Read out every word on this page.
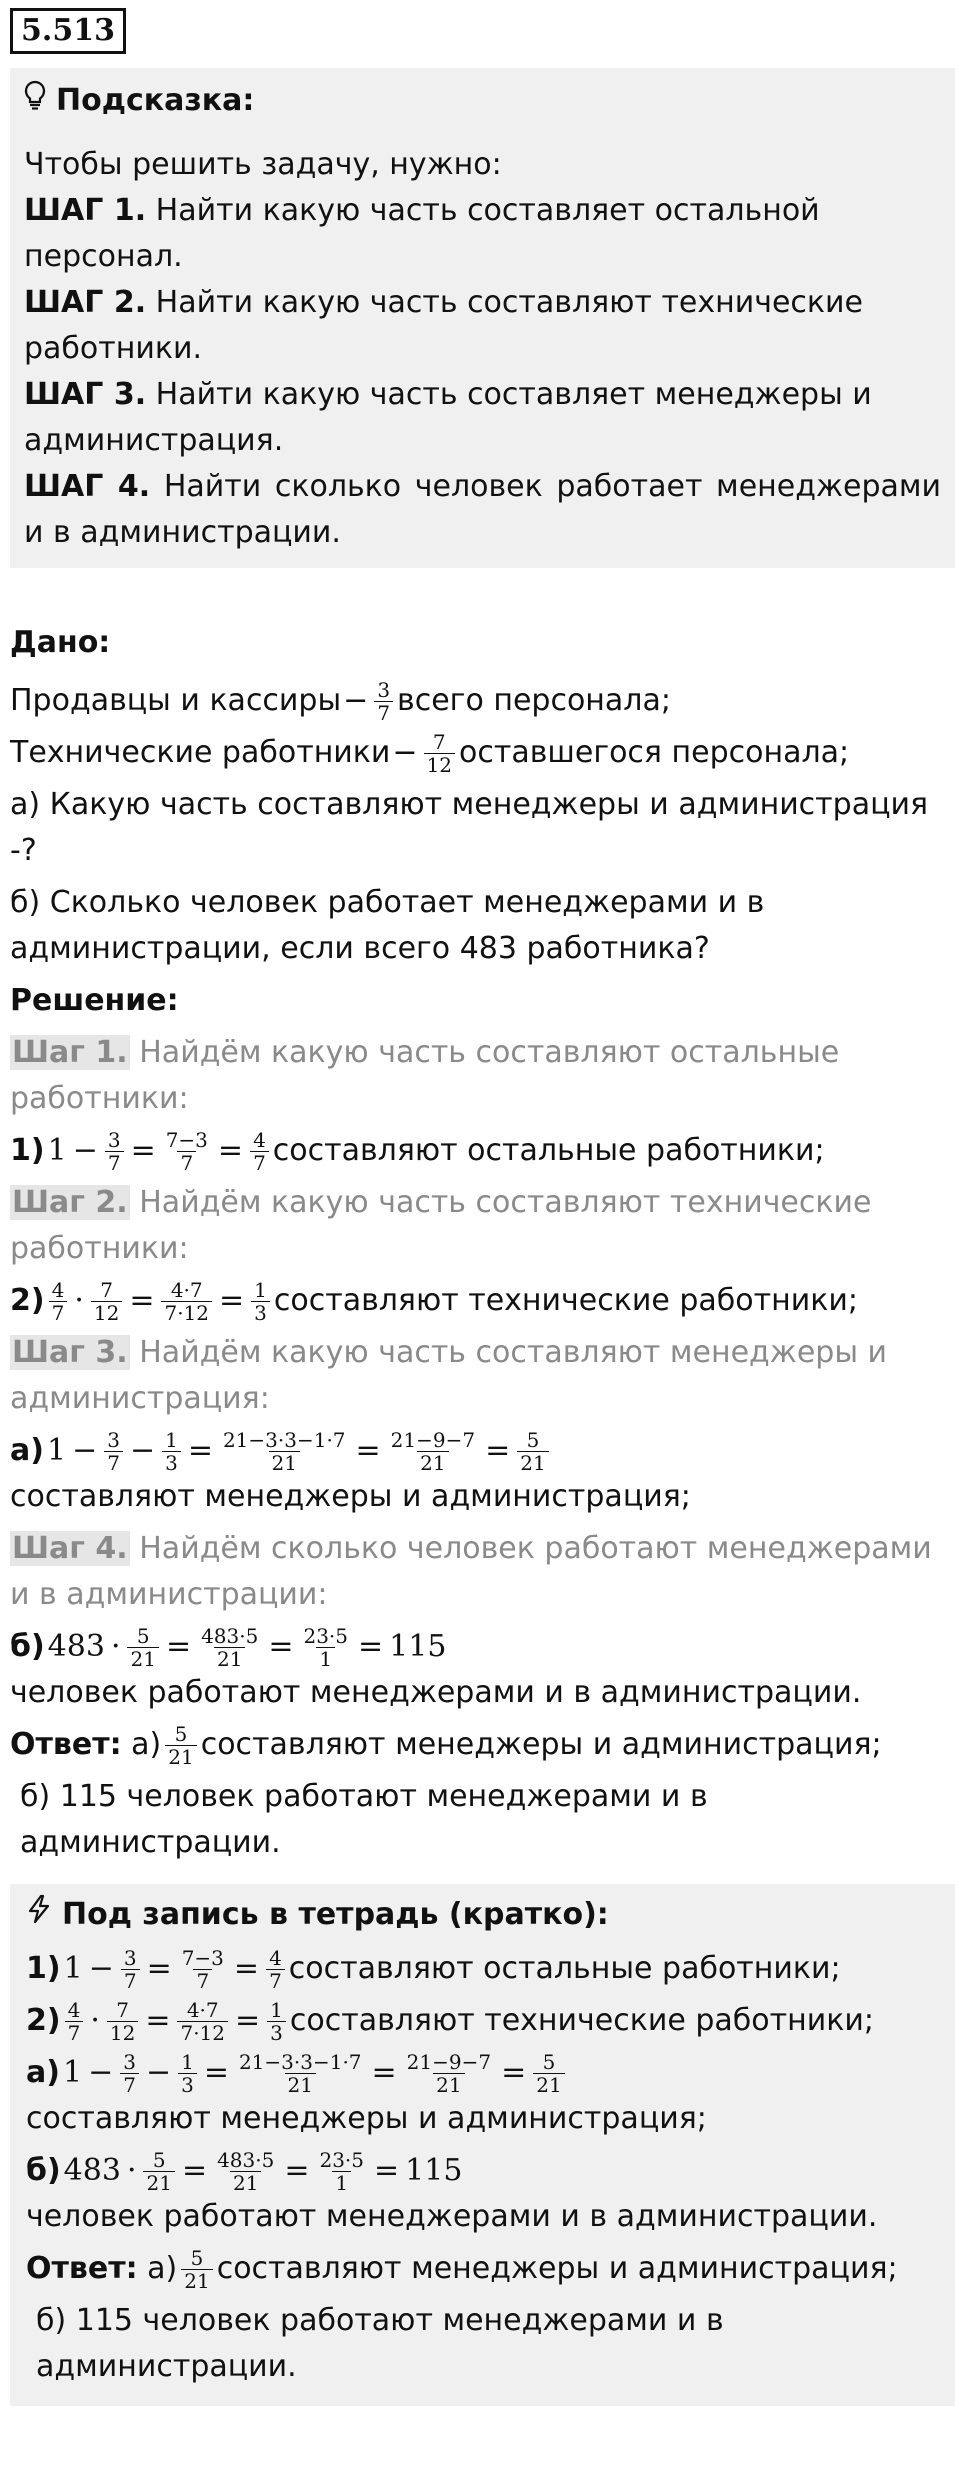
5.513
Подсказка:

Чтобы решить задачу, нужно:

ШАГ 1. Найти какую часть составляет остальной персонал.

ШАГ 2. Найти какую часть составляют технические работники.

ШАГ 3. Найти какую часть составляет менеджеры и администрация.

ШАГ 4. Найти сколько человек работает менеджерами и в администрации.

Дано:

Продавцы и кассиры − $\frac{3}{7}$ всего персонала;
Технические работники − $\frac{7}{12}$ оставшегося персонала;

а) Какую часть составляют менеджеры и администрация -?

б) Сколько человек работает менеджерами и в администрации, если всего 483 работника?

Решение:

Шаг 1. Найдём какую часть составляют остальные работники:

1) $1 - \frac{3}{7} = \frac{7-3}{7} = \frac{4}{7}$ составляют остальные работники;

Шаг 2. Найдём какую часть составляют технические работники:

$2) \frac{4}{7} \cdot \frac{7}{12} = \frac{4\cdot 7}{7\cdot 12} = \frac{1}{3}$ составляют технические работники;

Шаг 3. Найдём какую часть составляют менеджеры и администрация:

а) $1 - \frac{3}{7} - \frac{1}{3} = \frac{21-3\cdot 3-1\cdot 7}{21} = \frac{21-9-7}{21} = \frac{5}{21}$
составляют менеджеры и администрация;

Шаг 4. Найдём сколько человек работают менеджерами и в администрации:

б) $483 \cdot \frac{5}{21} = \frac{483\cdot 5}{21} = \frac{23\cdot 5}{1} = 115$
человек работают менеджерами и в администрации.
Ответ:
$а) \frac{5}{21}$ составляют менеджеры и администрация;

б) 115 человек работают менеджерами и в администрации.

Под запись в тетрадь (кратко):
1) $1 - \frac{3}{7} = \frac{7-3}{7} = \frac{4}{7}$ составляют остальные работники;
$2) \frac{4}{7} \cdot \frac{7}{12} = \frac{4\cdot 7}{7\cdot 12} = \frac{1}{3}$ составляют технические работники;
а) $1 - \frac{3}{7} - \frac{1}{3} = \frac{21-3\cdot 3-1\cdot 7}{21} = \frac{21-9-7}{21} = \frac{5}{21}$
составляют менеджеры и администрация;
б) $483 \cdot \frac{5}{21} = \frac{483\cdot 5}{21} = \frac{23\cdot 5}{1} = 115$
человек работают менеджерами и в администрации.
Ответ:
$а) \frac{5}{21}$ составляют менеджеры и администрация;

б) 115 человек работают менеджерами и в администрации.
